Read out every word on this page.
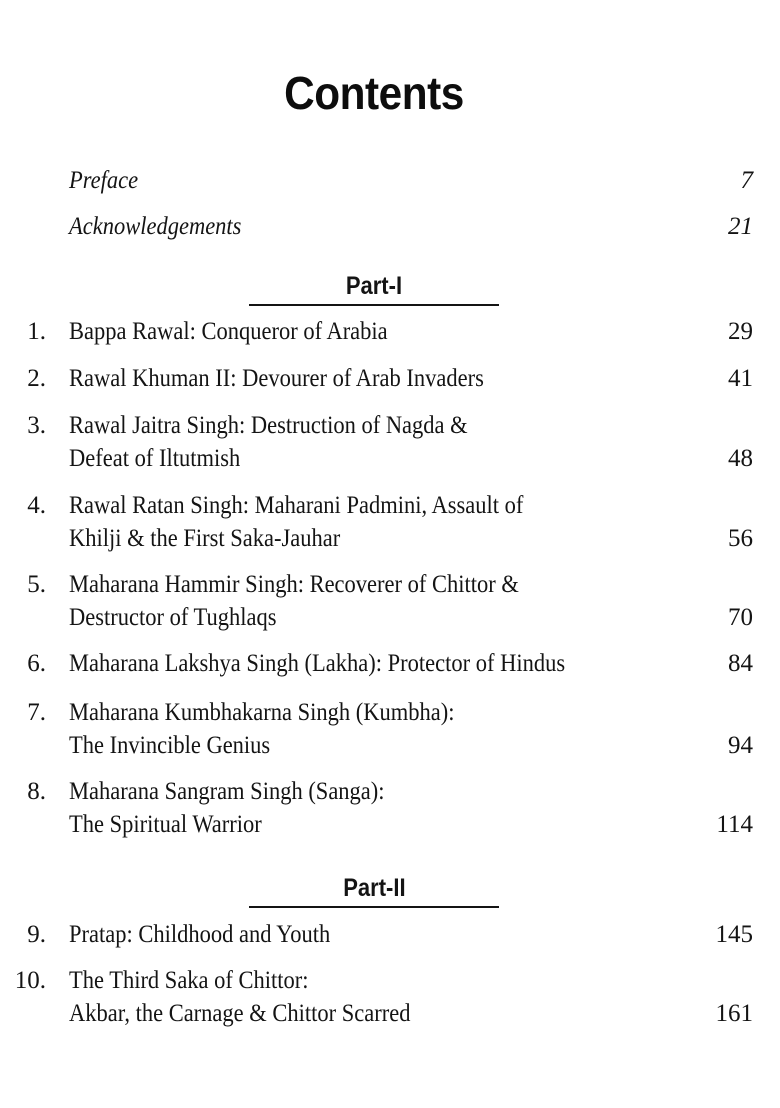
Contents
Preface	7
Acknowledgements	21
Part-I
1. Bappa Rawal: Conqueror of Arabia	29
2. Rawal Khuman II: Devourer of Arab Invaders	41
3. Rawal Jaitra Singh: Destruction of Nagda &
Defeat of Iltutmish	48
4. Rawal Ratan Singh: Maharani Padmini, Assault of
Khilji & the First Saka-Jauhar	56
5. Maharana Hammir Singh: Recoverer of Chittor &
Destructor of Tughlaqs	70
6. Maharana Lakshya Singh (Lakha): Protector of Hindus	84
7. Maharana Kumbhakarna Singh (Kumbha):
The Invincible Genius	94
8. Maharana Sangram Singh (Sanga):
The Spiritual Warrior	114
Part-II
9. Pratap: Childhood and Youth	145
10. The Third Saka of Chittor:
Akbar, the Carnage & Chittor Scarred	161
